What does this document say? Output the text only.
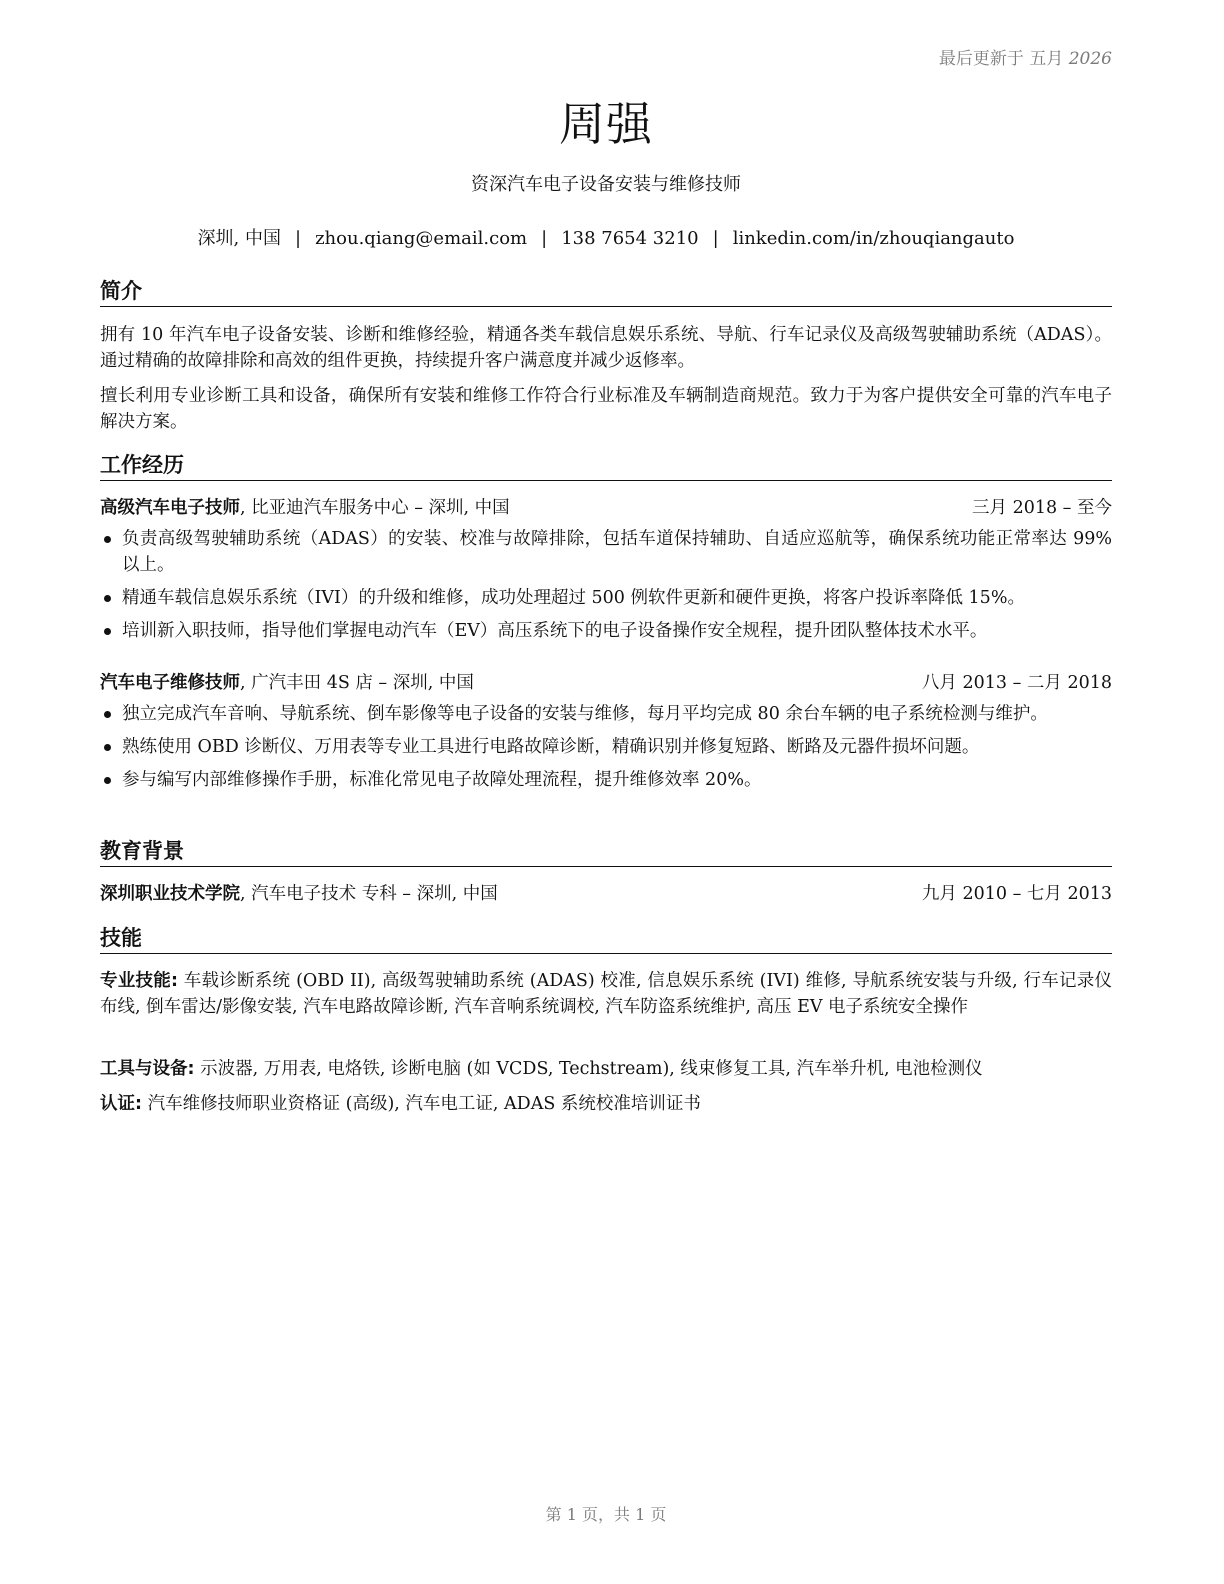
最后更新于 五月 2026
周强
资深汽车电子设备安装与维修技师
深圳, 中国 | zhou.qiang@email.com | 138 7654 3210 | linkedin.com/in/zhouqiangauto
简介
拥有 10 年汽车电子设备安装、诊断和维修经验，精通各类车载信息娱乐系统、导航、行车记录仪及高级驾驶辅助系统（ADAS）。通过精确的故障排除和高效的组件更换，持续提升客户满意度并减少返修率。
擅长利用专业诊断工具和设备，确保所有安装和维修工作符合行业标准及车辆制造商规范。致力于为客户提供安全可靠的汽车电子解决方案。
工作经历
高级汽车电子技师, 比亚迪汽车服务中心 – 深圳, 中国	三月 2018 – 至今
负责高级驾驶辅助系统（ADAS）的安装、校准与故障排除，包括车道保持辅助、自适应巡航等，确保系统功能正常率达 99% 以上。
精通车载信息娱乐系统（IVI）的升级和维修，成功处理超过 500 例软件更新和硬件更换，将客户投诉率降低 15%。
培训新入职技师，指导他们掌握电动汽车（EV）高压系统下的电子设备操作安全规程，提升团队整体技术水平。
汽车电子维修技师, 广汽丰田 4S 店 – 深圳, 中国	八月 2013 – 二月 2018
独立完成汽车音响、导航系统、倒车影像等电子设备的安装与维修，每月平均完成 80 余台车辆的电子系统检测与维护。
熟练使用 OBD 诊断仪、万用表等专业工具进行电路故障诊断，精确识别并修复短路、断路及元器件损坏问题。
参与编写内部维修操作手册，标准化常见电子故障处理流程，提升维修效率 20%。
教育背景
深圳职业技术学院, 汽车电子技术 专科 – 深圳, 中国	九月 2010 – 七月 2013
技能
专业技能: 车载诊断系统 (OBD II), 高级驾驶辅助系统 (ADAS) 校准, 信息娱乐系统 (IVI) 维修, 导航系统安装与升级, 行车记录仪布线, 倒车雷达/影像安装, 汽车电路故障诊断, 汽车音响系统调校, 汽车防盗系统维护, 高压 EV 电子系统安全操作
工具与设备: 示波器, 万用表, 电烙铁, 诊断电脑 (如 VCDS, Techstream), 线束修复工具, 汽车举升机, 电池检测仪
认证: 汽车维修技师职业资格证 (高级), 汽车电工证, ADAS 系统校准培训证书
第 1 页，共 1 页
